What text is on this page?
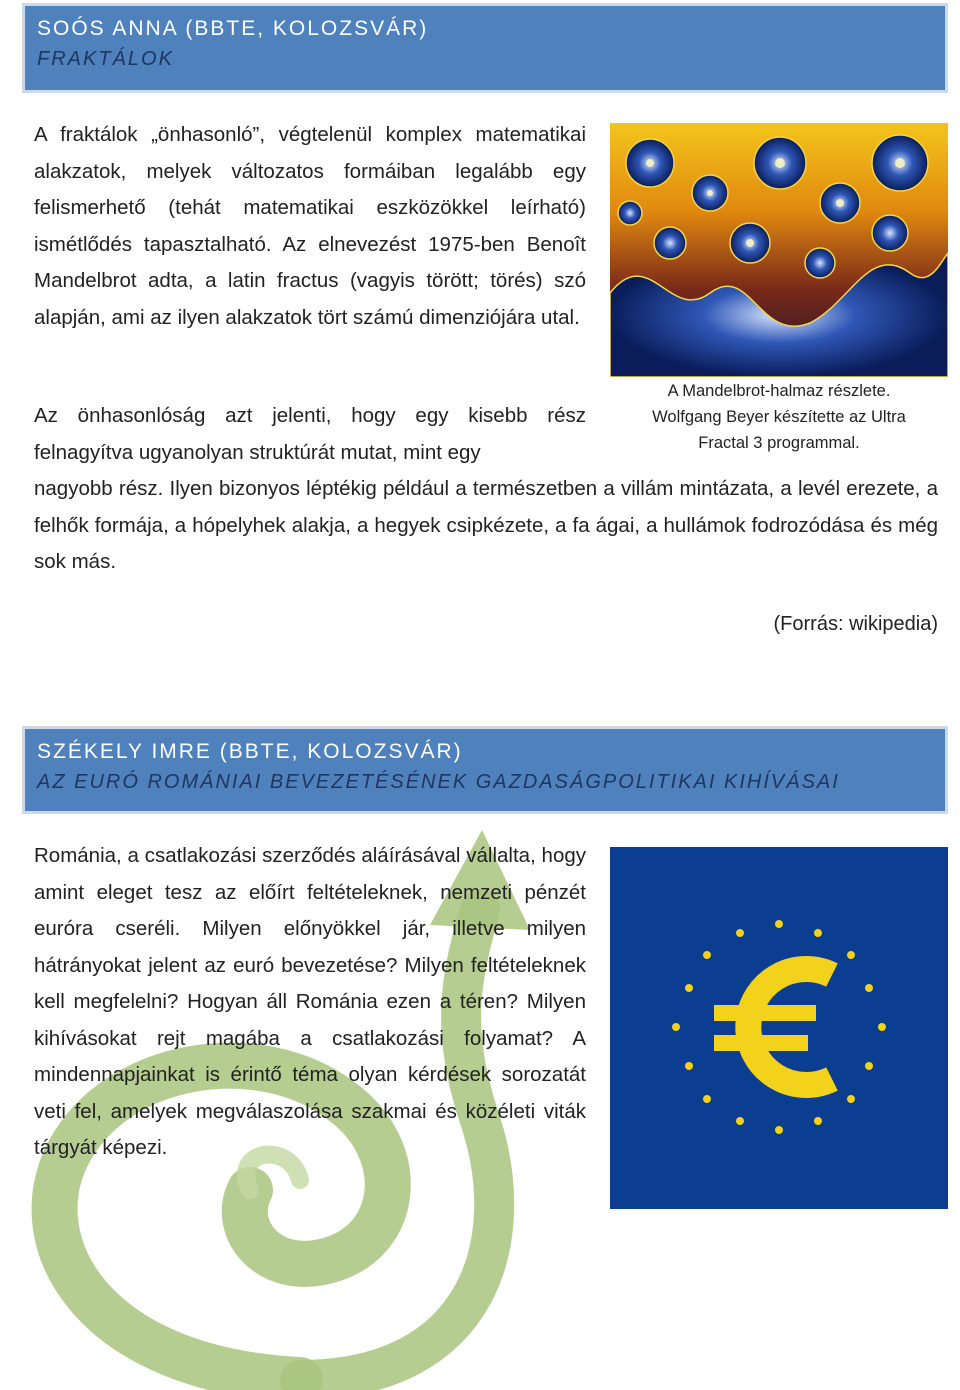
SOÓS ANNA (BBTE, KOLOZSVÁR)
FRAKTÁLOK
A fraktálok „önhasonló”, végtelenül komplex matematikai alakzatok, melyek változatos formáiban legalább egy felismerhető (tehát matematikai eszközökkel leírható) ismétlődés tapasztalható. Az elnevezést 1975-ben Benoît Mandelbrot adta, a latin fractus (vagyis törött; törés) szó alapján, ami az ilyen alakzatok tört számú dimenziójára utal.
A Mandelbrot-halmaz részlete.
Wolfgang Beyer készítette az Ultra
Fractal 3 programmal.
Az önhasonlóság azt jelenti, hogy egy kisebb rész felnagyítva ugyanolyan struktúrát mutat, mint egy
nagyobb rész. Ilyen bizonyos léptékig például a természetben a villám mintázata, a levél erezete, a felhők formája, a hópelyhek alakja, a hegyek csipkézete, a fa ágai, a hullámok fodrozódása és még sok más.
(Forrás: wikipedia)
SZÉKELY IMRE (BBTE, KOLOZSVÁR)
AZ EURÓ ROMÁNIAI BEVEZETÉSÉNEK GAZDASÁGPOLITIKAI KIHÍVÁSAI
Románia, a csatlakozási szerződés aláírásával vállalta, hogy amint eleget tesz az előírt feltételeknek, nemzeti pénzét euróra cseréli. Milyen előnyökkel jár, illetve milyen hátrányokat jelent az euró bevezetése? Milyen feltételeknek kell megfelelni? Hogyan áll Románia ezen a téren? Milyen kihívásokat rejt magába a csatlakozási folyamat? A mindennapjainkat is érintő téma olyan kérdések sorozatát veti fel, amelyek megválaszolása szakmai és közéleti viták tárgyát képezi.
